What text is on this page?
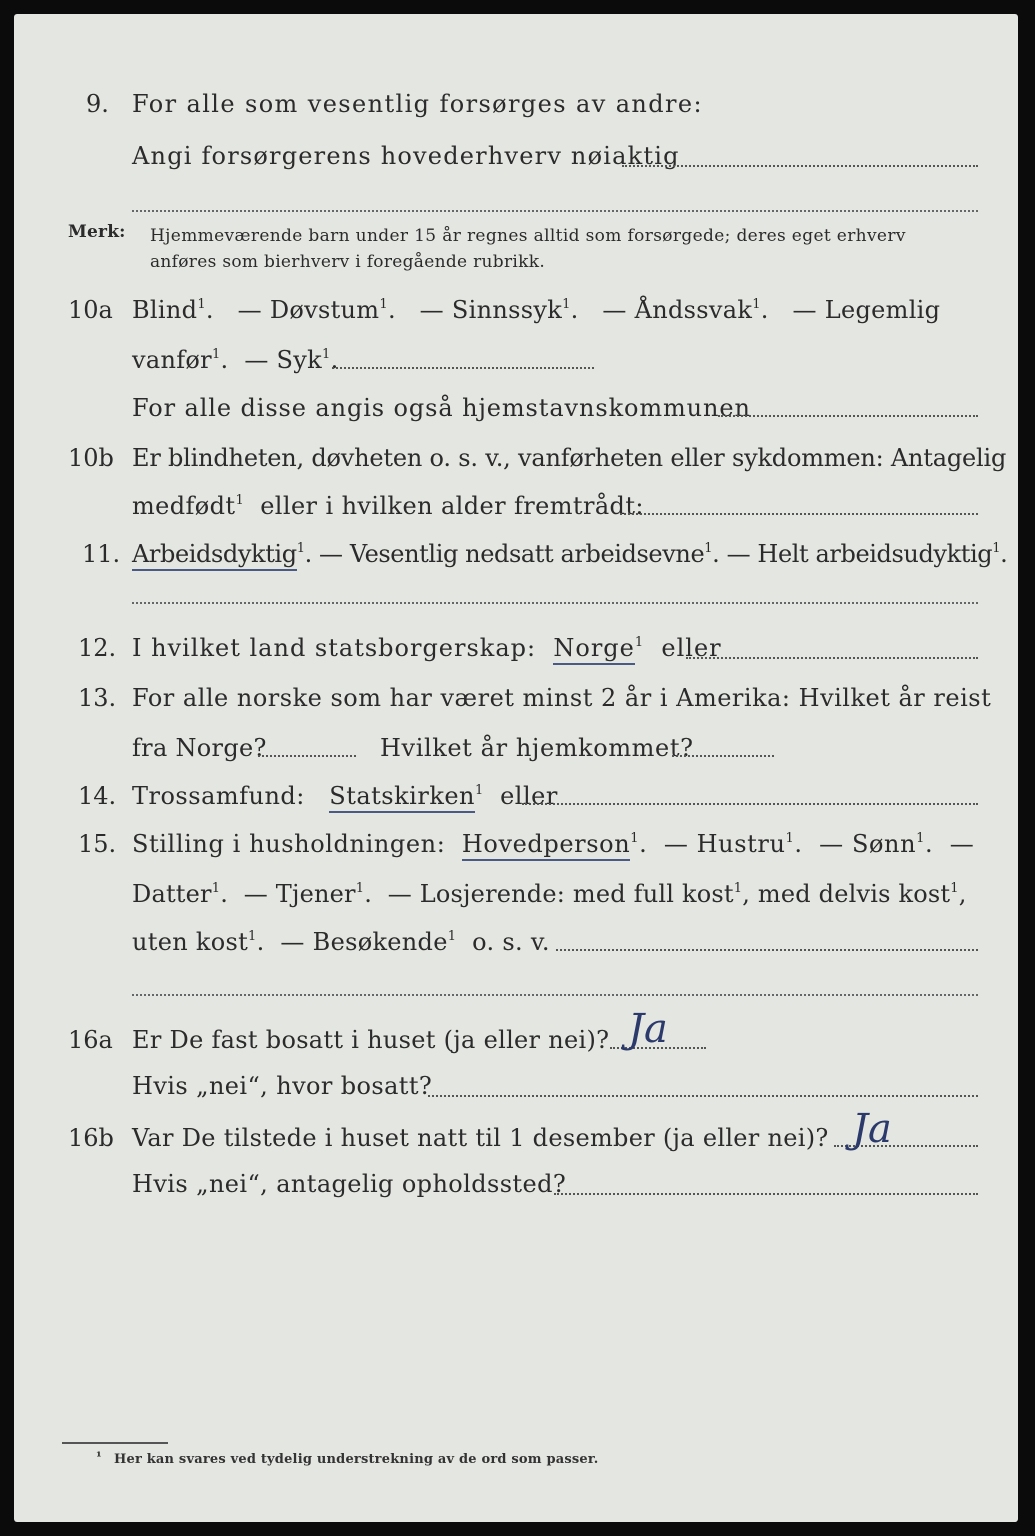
9. For alle som vesentlig forsørges av andre:
Angi forsørgerens hovederhverv nøiaktig
Merk: Hjemmeværende barn under 15 år regnes alltid som forsørgede; deres eget erhverv
anføres som bierhverv i foregående rubrikk.
10a Blind$^1$.   — Døvstum$^1$.   — Sinnssyk$^1$.   — Åndssvak$^1$.   — Legemlig
vanfør$^1$.  — Syk$^1$.
For alle disse angis også hjemstavnskommunen
10b Er blindheten, døvheten o. s. v., vanførheten eller sykdommen: Antagelig
medfødt$^1$ eller i hvilken alder fremtrådt:
11. Arbeidsdyktig$^1$. — Vesentlig nedsatt arbeidsevne$^1$. — Helt arbeidsudyktig$^1$.
12. I hvilket land statsborgerskap: Norge$^1$ eller
13. For alle norske som har været minst 2 år i Amerika: Hvilket år reist
fra Norge?	Hvilket år hjemkommet?
14. Trossamfund: Statskirken$^1$ eller
15. Stilling i husholdningen: Hovedperson$^1$.  — Hustru$^1$.  — Sønn$^1$.  —
Datter$^1$.  — Tjener$^1$.  — Losjerende: med full kost$^1$, med delvis kost$^1$,
uten kost$^1$.  — Besøkende$^1$ o. s. v.
16a Er De fast bosatt i huset (ja eller nei)? Ja
Hvis „nei“, hvor bosatt?
16b Var De tilstede i huset natt til 1 desember (ja eller nei)? Ja
Hvis „nei“, antagelig opholdssted?
¹ Her kan svares ved tydelig understrekning av de ord som passer.
